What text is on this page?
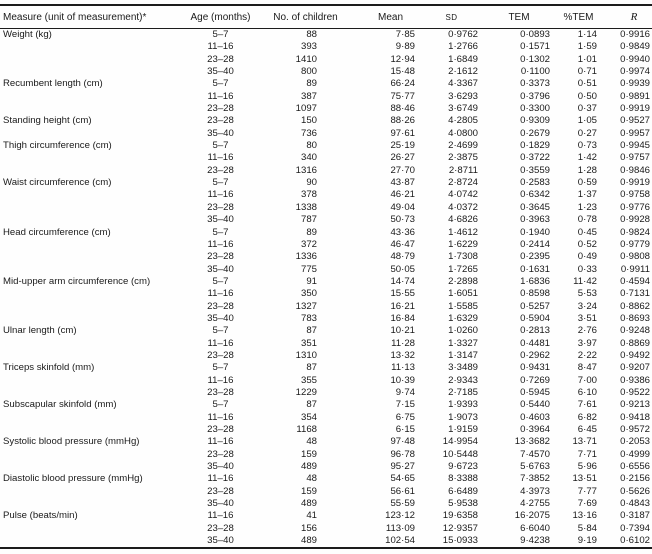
Measure (unit of measurement)*	Age (months)	No. of children	Mean	SD	TEM	%TEM	R
Weight (kg)	5–7	88	7·85	0·9762	0·0893	1·14	0·9916
	11–16	393	9·89	1·2766	0·1571	1·59	0·9849
	23–28	1410	12·94	1·6849	0·1302	1·01	0·9940
	35–40	800	15·48	2·1612	0·1100	0·71	0·9974
Recumbent length (cm)	5–7	89	66·24	4·3367	0·3373	0·51	0·9939
	11–16	387	75·77	3·6293	0·3796	0·50	0·9891
	23–28	1097	88·46	3·6749	0·3300	0·37	0·9919
Standing height (cm)	23–28	150	88·26	4·2805	0·9309	1·05	0·9527
	35–40	736	97·61	4·0800	0·2679	0·27	0·9957
Thigh circumference (cm)	5–7	80	25·19	2·4699	0·1829	0·73	0·9945
	11–16	340	26·27	2·3875	0·3722	1·42	0·9757
	23–28	1316	27·70	2·8711	0·3559	1·28	0·9846
Waist circumference (cm)	5–7	90	43·87	2·8724	0·2583	0·59	0·9919
	11–16	378	46·21	4·0742	0·6342	1·37	0·9758
	23–28	1338	49·04	4·0372	0·3645	1·23	0·9776
	35–40	787	50·73	4·6826	0·3963	0·78	0·9928
Head circumference (cm)	5–7	89	43·36	1·4612	0·1940	0·45	0·9824
	11–16	372	46·47	1·6229	0·2414	0·52	0·9779
	23–28	1336	48·79	1·7308	0·2395	0·49	0·9808
	35–40	775	50·05	1·7265	0·1631	0·33	0·9911
Mid-upper arm circumference (cm)	5–7	91	14·74	2·2898	1·6836	11·42	0·4594
	11–16	350	15·55	1·6051	0·8598	5·53	0·7131
	23–28	1327	16·21	1·5585	0·5257	3·24	0·8862
	35–40	783	16·84	1·6329	0·5904	3·51	0·8693
Ulnar length (cm)	5–7	87	10·21	1·0260	0·2813	2·76	0·9248
	11–16	351	11·28	1·3327	0·4481	3·97	0·8869
	23–28	1310	13·32	1·3147	0·2962	2·22	0·9492
Triceps skinfold (mm)	5–7	87	11·13	3·3489	0·9431	8·47	0·9207
	11–16	355	10·39	2·9343	0·7269	7·00	0·9386
	23–28	1229	9·74	2·7185	0·5945	6·10	0·9522
Subscapular skinfold (mm)	5–7	87	7·15	1·9393	0·5440	7·61	0·9213
	11–16	354	6·75	1·9073	0·4603	6·82	0·9418
	23–28	1168	6·15	1·9159	0·3964	6·45	0·9572
Systolic blood pressure (mmHg)	11–16	48	97·48	14·9954	13·3682	13·71	0·2053
	23–28	159	96·78	10·5448	7·4570	7·71	0·4999
	35–40	489	95·27	9·6723	5·6763	5·96	0·6556
Diastolic blood pressure (mmHg)	11–16	48	54·65	8·3388	7·3852	13·51	0·2156
	23–28	159	56·61	6·6489	4·3973	7·77	0·5626
	35–40	489	55·59	5·9538	4·2755	7·69	0·4843
Pulse (beats/min)	11–16	41	123·12	19·6358	16·2075	13·16	0·3187
	23–28	156	113·09	12·9357	6·6040	5·84	0·7394
	35–40	489	102·54	15·0933	9·4238	9·19	0·6102
